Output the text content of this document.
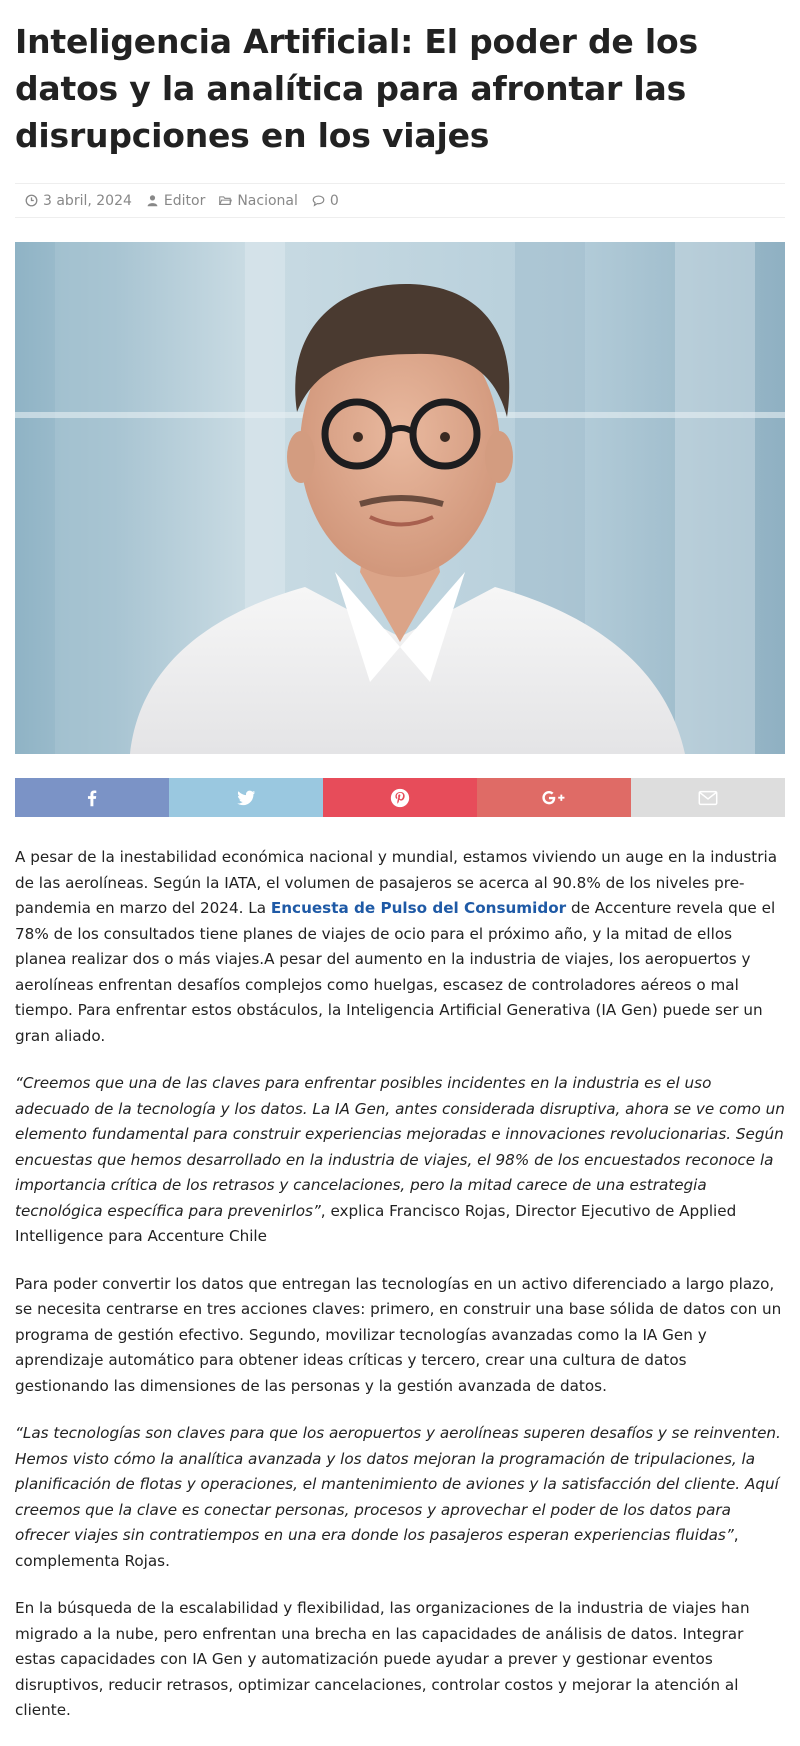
Inteligencia Artificial: El poder de los datos y la analítica para afrontar las disrupciones en los viajes
3 abril, 2024 Editor Nacional 0

A pesar de la inestabilidad económica nacional y mundial, estamos viviendo un auge en la industria de las aerolíneas. Según la IATA, el volumen de pasajeros se acerca al 90.8% de los niveles pre-pandemia en marzo del 2024. La Encuesta de Pulso del Consumidor de Accenture revela que el 78% de los consultados tiene planes de viajes de ocio para el próximo año, y la mitad de ellos planea realizar dos o más viajes.A pesar del aumento en la industria de viajes, los aeropuertos y aerolíneas enfrentan desafíos complejos como huelgas, escasez de controladores aéreos o mal tiempo. Para enfrentar estos obstáculos, la Inteligencia Artificial Generativa (IA Gen) puede ser un gran aliado.

“Creemos que una de las claves para enfrentar posibles incidentes en la industria es el uso adecuado de la tecnología y los datos. La IA Gen, antes considerada disruptiva, ahora se ve como un elemento fundamental para construir experiencias mejoradas e innovaciones revolucionarias. Según encuestas que hemos desarrollado en la industria de viajes, el 98% de los encuestados reconoce la importancia crítica de los retrasos y cancelaciones, pero la mitad carece de una estrategia tecnológica específica para prevenirlos”, explica Francisco Rojas, Director Ejecutivo de Applied Intelligence para Accenture Chile

Para poder convertir los datos que entregan las tecnologías en un activo diferenciado a largo plazo, se necesita centrarse en tres acciones claves: primero, en construir una base sólida de datos con un programa de gestión efectivo. Segundo, movilizar tecnologías avanzadas como la IA Gen y aprendizaje automático para obtener ideas críticas y tercero, crear una cultura de datos gestionando las dimensiones de las personas y la gestión avanzada de datos.

“Las tecnologías son claves para que los aeropuertos y aerolíneas superen desafíos y se reinventen. Hemos visto cómo la analítica avanzada y los datos mejoran la programación de tripulaciones, la planificación de flotas y operaciones, el mantenimiento de aviones y la satisfacción del cliente. Aquí creemos que la clave es conectar personas, procesos y aprovechar el poder de los datos para ofrecer viajes sin contratiempos en una era donde los pasajeros esperan experiencias fluidas”, complementa Rojas.

En la búsqueda de la escalabilidad y flexibilidad, las organizaciones de la industria de viajes han migrado a la nube, pero enfrentan una brecha en las capacidades de análisis de datos. Integrar estas capacidades con IA Gen y automatización puede ayudar a prever y gestionar eventos disruptivos, reducir retrasos, optimizar cancelaciones, controlar costos y mejorar la atención al cliente.
